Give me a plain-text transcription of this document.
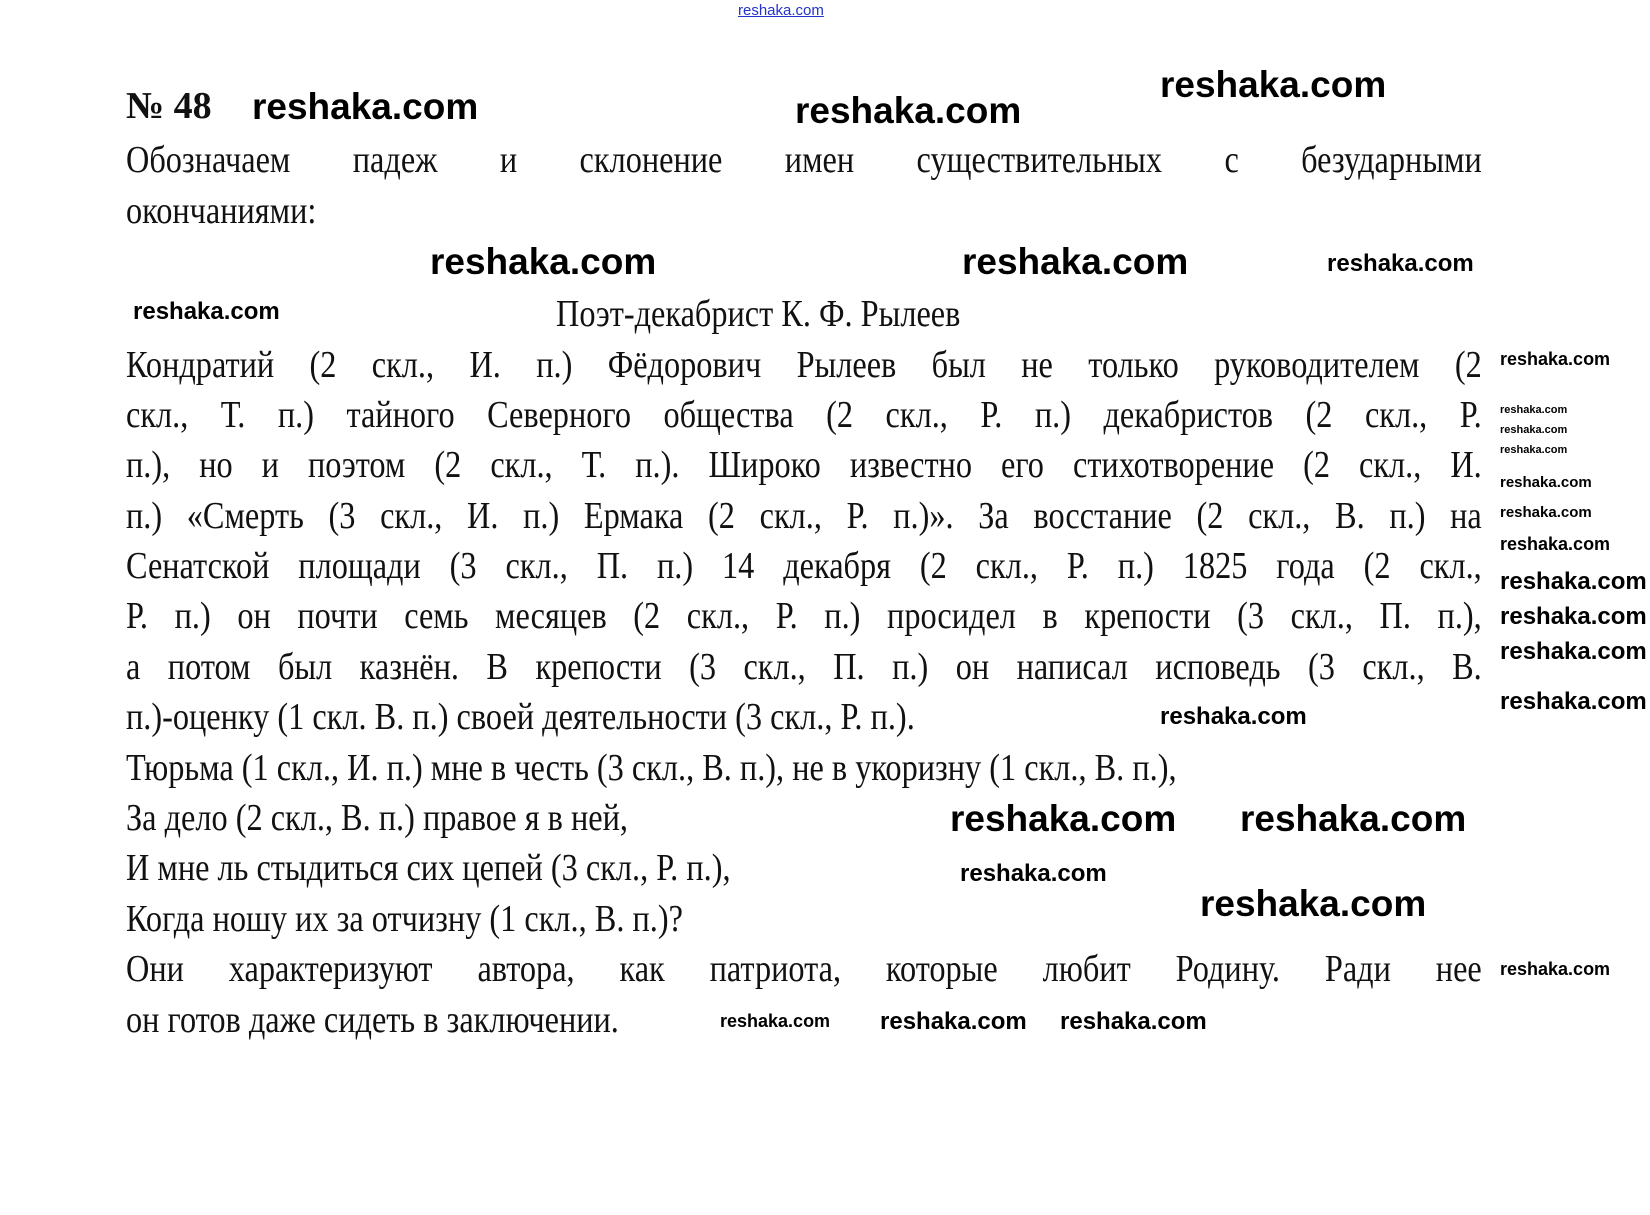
reshaka.com
№ 48
Обозначаем падеж и склонение имен существительных с безударными
окончаниями:
Поэт-декабрист К. Ф. Рылеев
Кондратий (2 скл., И. п.) Фёдорович Рылеев был не только руководителем (2
скл., Т. п.) тайного Северного общества (2 скл., Р. п.) декабристов (2 скл., Р.
п.), но и поэтом (2 скл., Т. п.). Широко известно его стихотворение (2 скл., И.
п.) «Смерть (3 скл., И. п.) Ермака (2 скл., Р. п.)». За восстание (2 скл., В. п.) на
Сенатской площади (3 скл., П. п.) 14 декабря (2 скл., Р. п.) 1825 года (2 скл.,
Р. п.) он почти семь месяцев (2 скл., Р. п.) просидел в крепости (3 скл., П. п.),
а потом был казнён. В крепости (3 скл., П. п.) он написал исповедь (3 скл., В.
п.)-оценку (1 скл. В. п.) своей деятельности (3 скл., Р. п.).
Тюрьма (1 скл., И. п.) мне в честь (3 скл., В. п.), не в укоризну (1 скл., В. п.),
За дело (2 скл., В. п.) правое я в ней,
И мне ль стыдиться сих цепей (3 скл., Р. п.),
Когда ношу их за отчизну (1 скл., В. п.)?
Они характеризуют автора, как патриота, которые любит Родину. Ради нее
он готов даже сидеть в заключении.
reshaka.com	reshaka.com
reshaka.com
reshaka.com	reshaka.com	reshaka.com
reshaka.com
reshaka.com
reshaka.com
reshaka.com
reshaka.com
reshaka.com
reshaka.com
reshaka.com
reshaka.com
reshaka.com
reshaka.com
reshaka.com
reshaka.com reshaka.com
reshaka.com
reshaka.com
reshaka.com
reshaka.com reshaka.com reshaka.com
reshaka.com
